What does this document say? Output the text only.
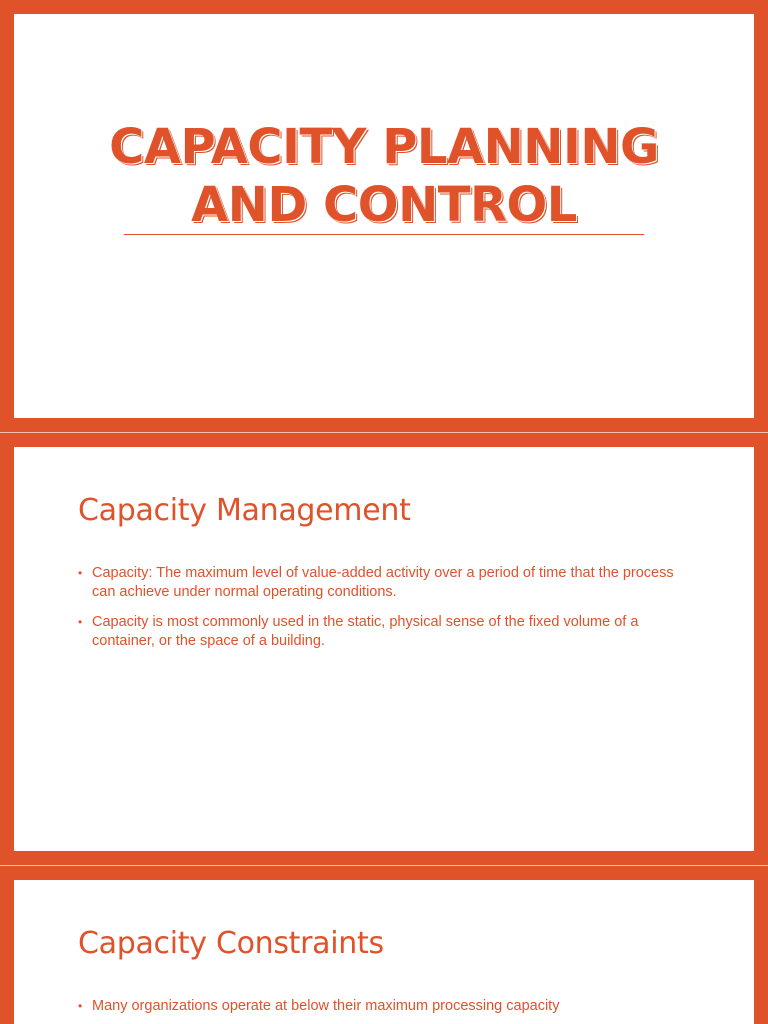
CAPACITY PLANNING
AND CONTROL
Capacity Management
• Capacity: The maximum level of value-added activity over a period of time that the process can achieve under normal operating conditions.
• Capacity is most commonly used in the static, physical sense of the fixed volume of a container, or the space of a building.
Capacity Constraints
• Many organizations operate at below their maximum processing capacity
